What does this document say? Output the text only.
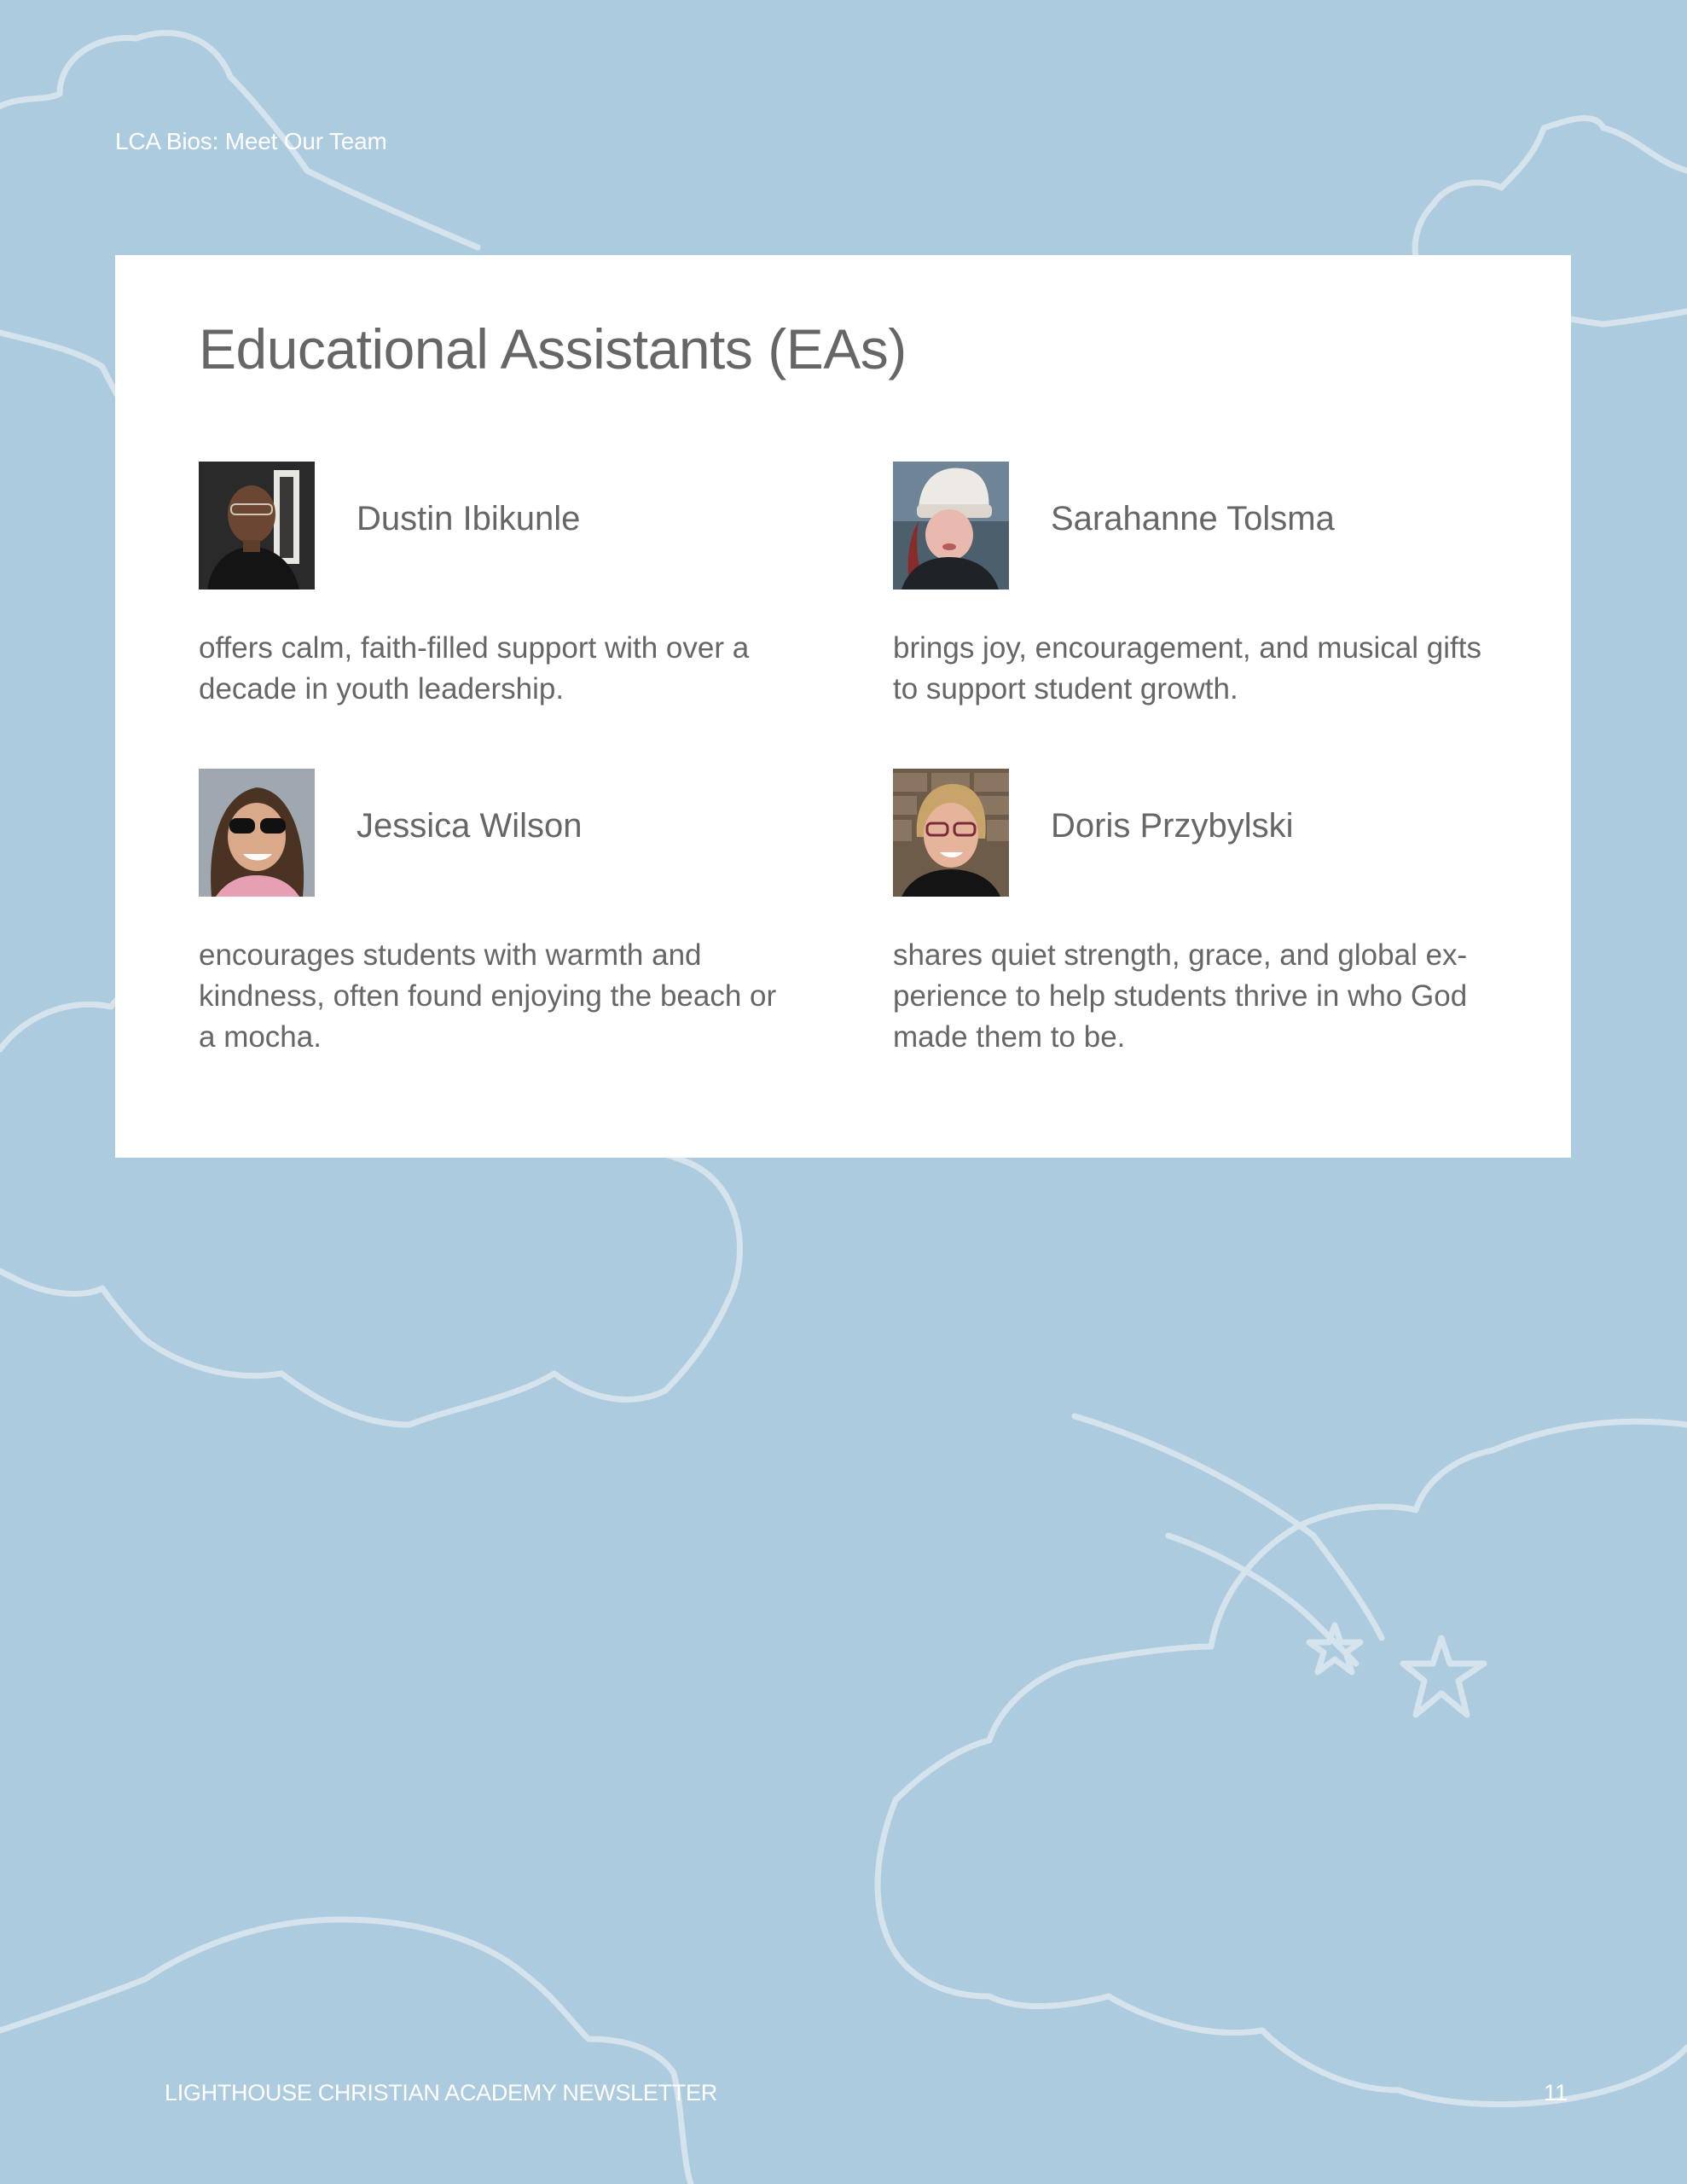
LCA Bios: Meet Our Team
Educational Assistants (EAs)
Dustin Ibikunle

offers calm, faith-filled support with over a decade in youth leadership.

Sarahanne Tolsma

brings joy, encouragement, and musical gifts to support student growth.

Jessica Wilson

encourages students with warmth and kindness, often found enjoying the beach or a mocha.

Doris Przybylski

shares quiet strength, grace, and global ex-perience to help students thrive in who God made them to be.

LIGHTHOUSE CHRISTIAN ACADEMY NEWSLETTER	11
